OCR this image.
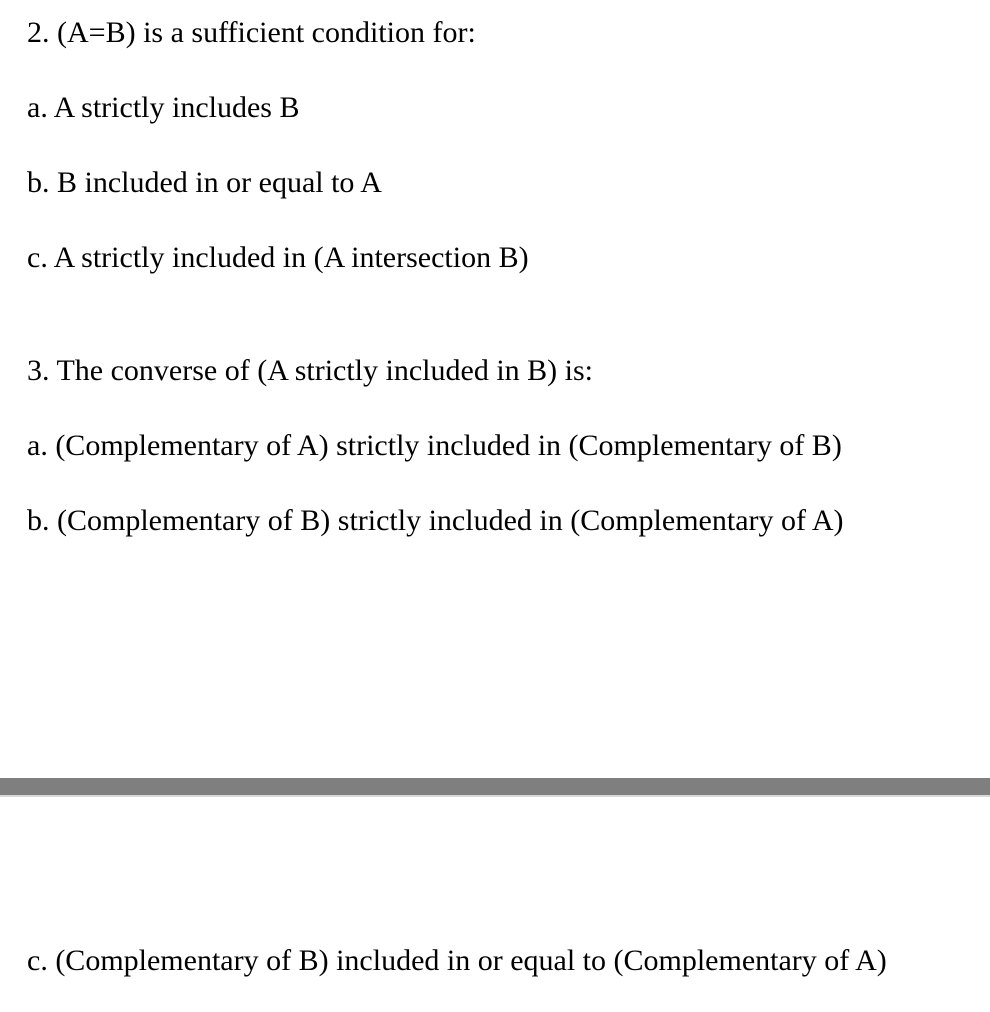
2. (A=B) is a sufficient condition for:
a. A strictly includes B
b. B included in or equal to A
c. A strictly included in (A intersection B)
3. The converse of (A strictly included in B) is:
a. (Complementary of A) strictly included in (Complementary of B)
b. (Complementary of B) strictly included in (Complementary of A)
c. (Complementary of B) included in or equal to (Complementary of A)
